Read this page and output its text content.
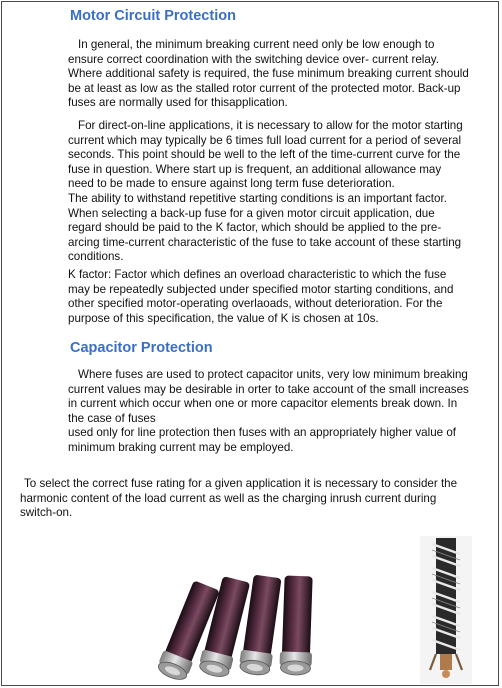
Motor Circuit Protection
In general, the minimum breaking current need only be low enough to
ensure correct coordination with the switching device over- current relay.
Where additional safety is required, the fuse minimum breaking current should
be at least as low as the stalled rotor current of the protected motor. Back-up
fuses are normally used for thisapplication.
For direct-on-line applications, it is necessary to allow for the motor starting
current which may typically be 6 times full load current for a period of several
seconds. This point should be well to the left of the time-current curve for the
fuse in question. Where start up is frequent, an additional allowance may
need to be made to ensure against long term fuse deterioration.
The ability to withstand repetitive starting conditions is an important factor.
When selecting a back-up fuse for a given motor circuit application, due
regard should be paid to the K factor, which should be applied to the pre-
arcing time-current characteristic of the fuse to take account of these starting
conditions.
K factor: Factor which defines an overload characteristic to which the fuse
may be repeatedly subjected under specified motor starting conditions, and
other specified motor-operating overlaoads, without deterioration. For the
purpose of this specification, the value of K is chosen at 10s.
Capacitor Protection
Where fuses are used to protect capacitor units, very low minimum breaking
current values may be desirable in orter to take account of the small increases
in current which occur when one or more capacitor elements break down. In
the case of fuses
used only for line protection then fuses with an appropriately higher value of
minimum braking current may be employed.
To select the correct fuse rating for a given application it is necessary to consider the
harmonic content of the load current as well as the charging inrush current during
switch-on.
